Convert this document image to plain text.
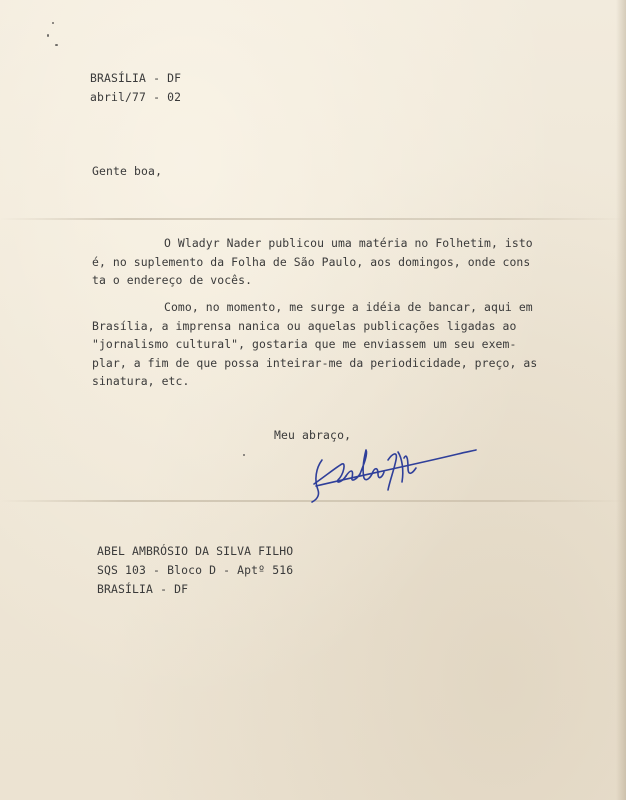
BRASÍLIA - DF
abril/77 - 02
Gente boa,
O Wladyr Nader publicou uma matéria no Folhetim, isto
é, no suplemento da Folha de São Paulo, aos domingos, onde cons
ta o endereço de vocês.
Como, no momento, me surge a idéia de bancar, aqui em
Brasília, a imprensa nanica ou aquelas publicações ligadas ao
"jornalismo cultural", gostaria que me enviassem um seu exem-
plar, a fim de que possa inteirar-me da periodicidade, preço, as
sinatura, etc.
Meu abraço,
ABEL AMBRÓSIO DA SILVA FILHO
SQS 103 - Bloco D - Aptº 516
BRASÍLIA - DF
